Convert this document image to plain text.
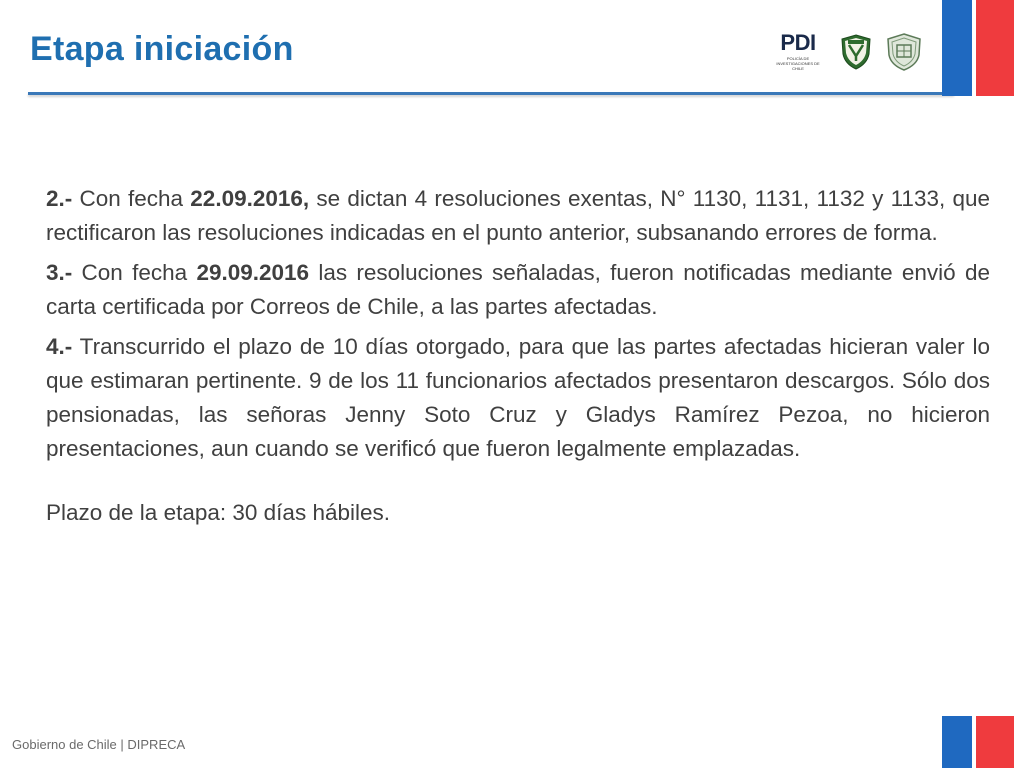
Etapa iniciación	PDI
POLICÍA DE INVESTIGACIONES DE CHILE

2.- Con fecha 22.09.2016, se dictan 4 resoluciones exentas, N° 1130, 1131, 1132 y 1133, que rectificaron las resoluciones indicadas en el punto anterior, subsanando errores de forma.

3.- Con fecha 29.09.2016 las resoluciones señaladas, fueron notificadas mediante envió de carta certificada por Correos de Chile, a las partes afectadas.

4.- Transcurrido el plazo de 10 días otorgado, para que las partes afectadas hicieran valer lo que estimaran pertinente. 9 de los 11 funcionarios afectados presentaron descargos. Sólo dos pensionadas, las señoras Jenny Soto Cruz y Gladys Ramírez Pezoa, no hicieron presentaciones, aun cuando se verificó que fueron legalmente emplazadas.

Plazo de la etapa: 30 días hábiles.

Gobierno de Chile | DIPRECA
